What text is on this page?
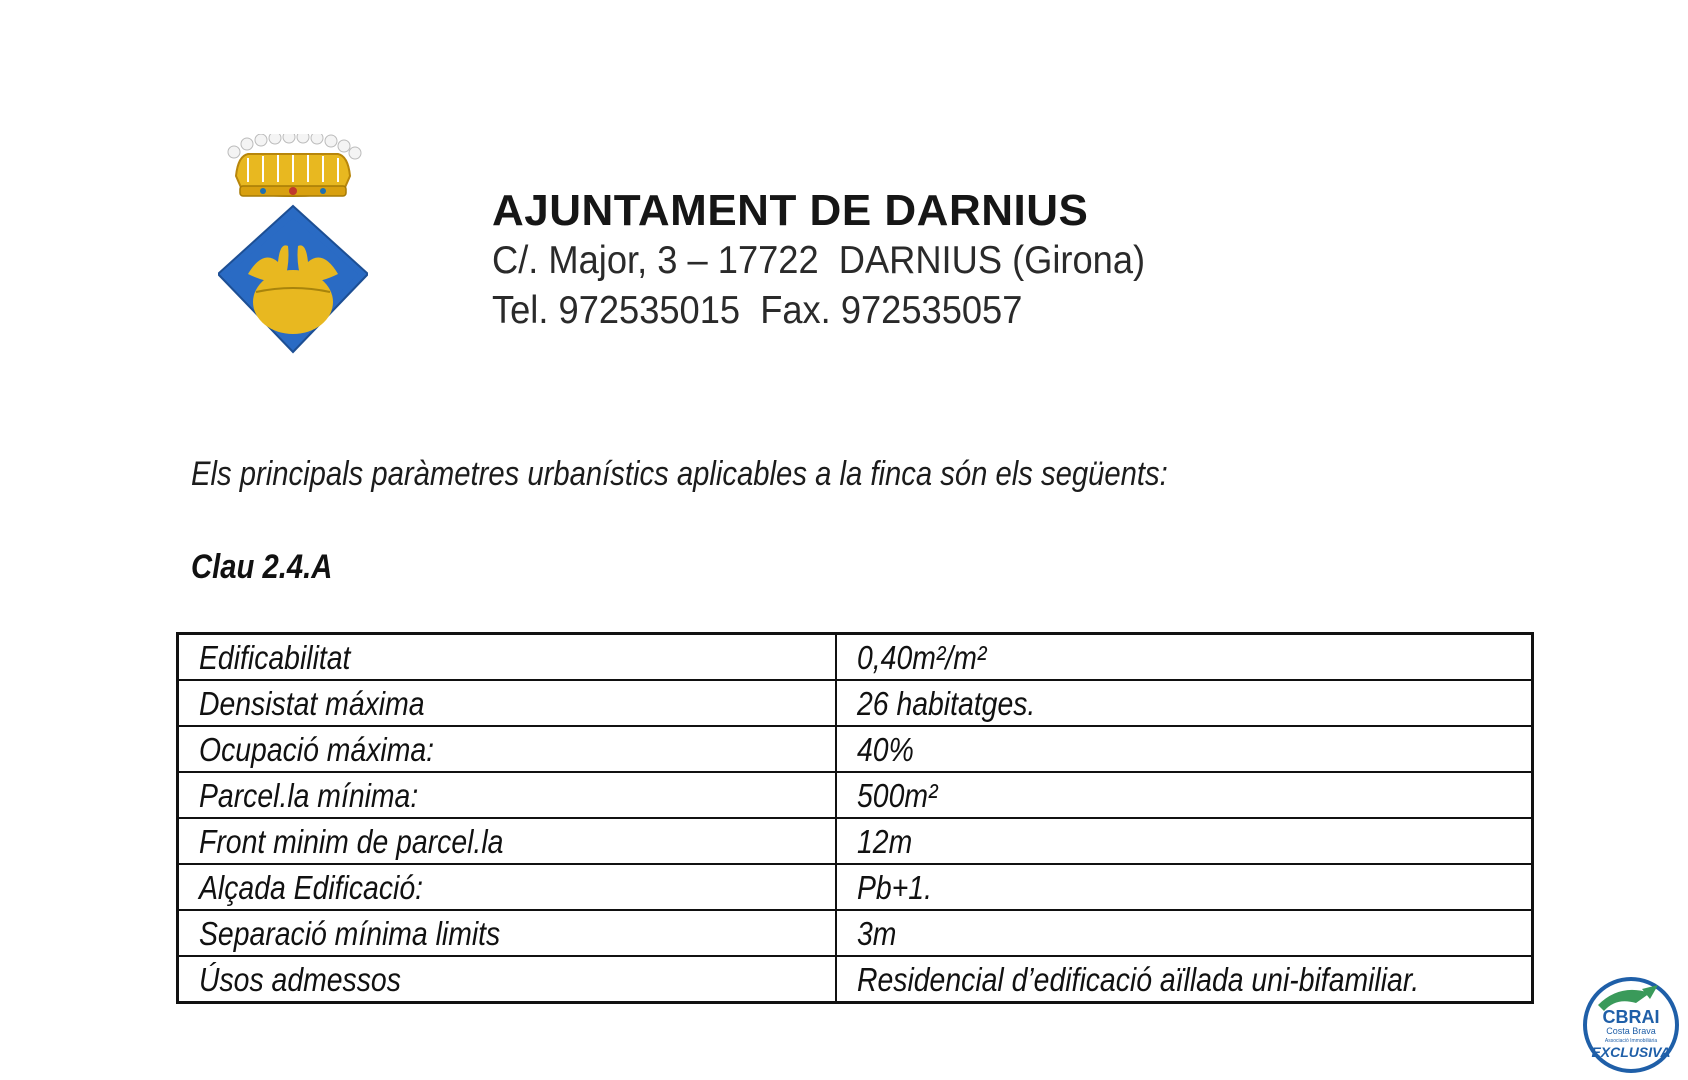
AJUNTAMENT DE DARNIUS
C/. Major, 3 – 17722  DARNIUS (Girona)
Tel. 972535015  Fax. 972535057
Els principals paràmetres urbanístics aplicables a la finca són els següents:
Clau 2.4.A
Edificabilitat	0,40m²/m²
Densistat máxima	26 habitatges.
Ocupació máxima:	40%
Parcel.la mínima:	500m²
Front minim de parcel.la	12m
Alçada Edificació:	Pb+1.
Separació mínima limits	3m
Úsos admessos	Residencial d’edificació aïllada uni-bifamiliar.
CBRAI
Costa Brava
Associació Immobiliària
EXCLUSIVA
